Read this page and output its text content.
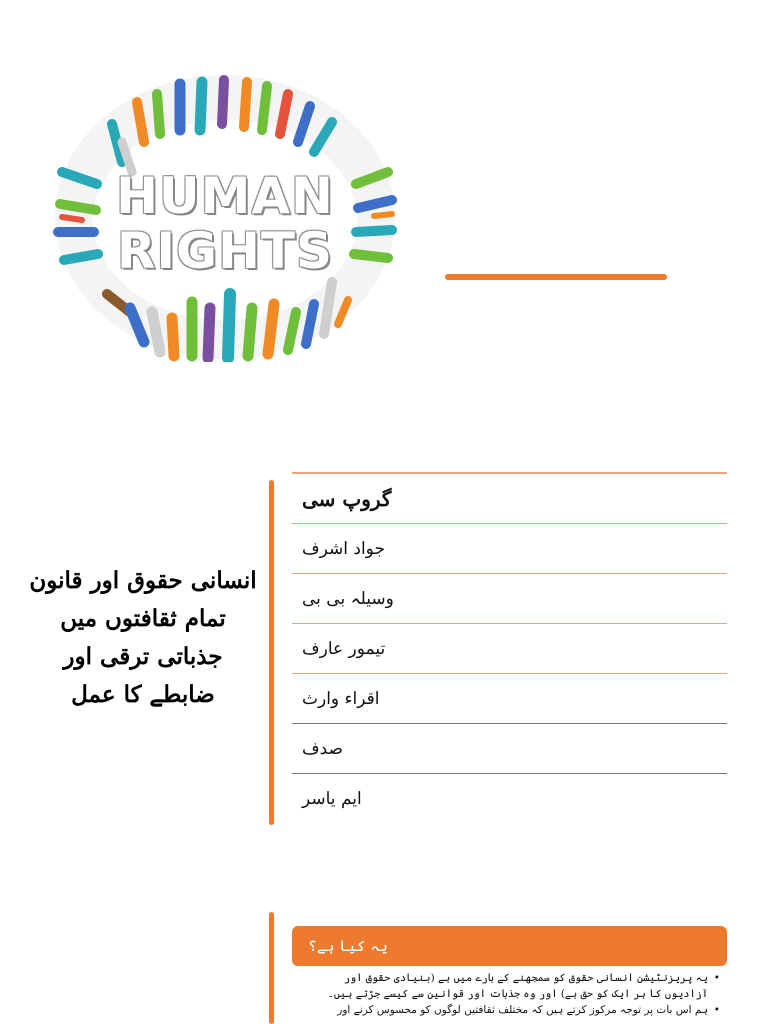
HUMAN
RIGHTS
انسانی حقوق اور قانون تمام ثقافتوں میں جذباتی ترقی اور ضابطے کا عمل
گروپ سی
جواد اشرف
وسیلہ بی بی
تیمور عارف
اقراء وارث
صدف
ایم یاسر
یہ کیا ہے؟
•
یہ پریزنٹیشن انسانی حقوق کو سمجھنے کے بارے میں ہے (بنیادی حقوق اور آزادیوں کا ہر ایک کو حق ہے) اور وہ جذبات اور قوانین سے کیسے جڑتے ہیں۔
•
ہم اس بات پر توجہ مرکوز کرتے ہیں کہ مختلف ثقافتیں لوگوں کو محسوس کرنے اور
